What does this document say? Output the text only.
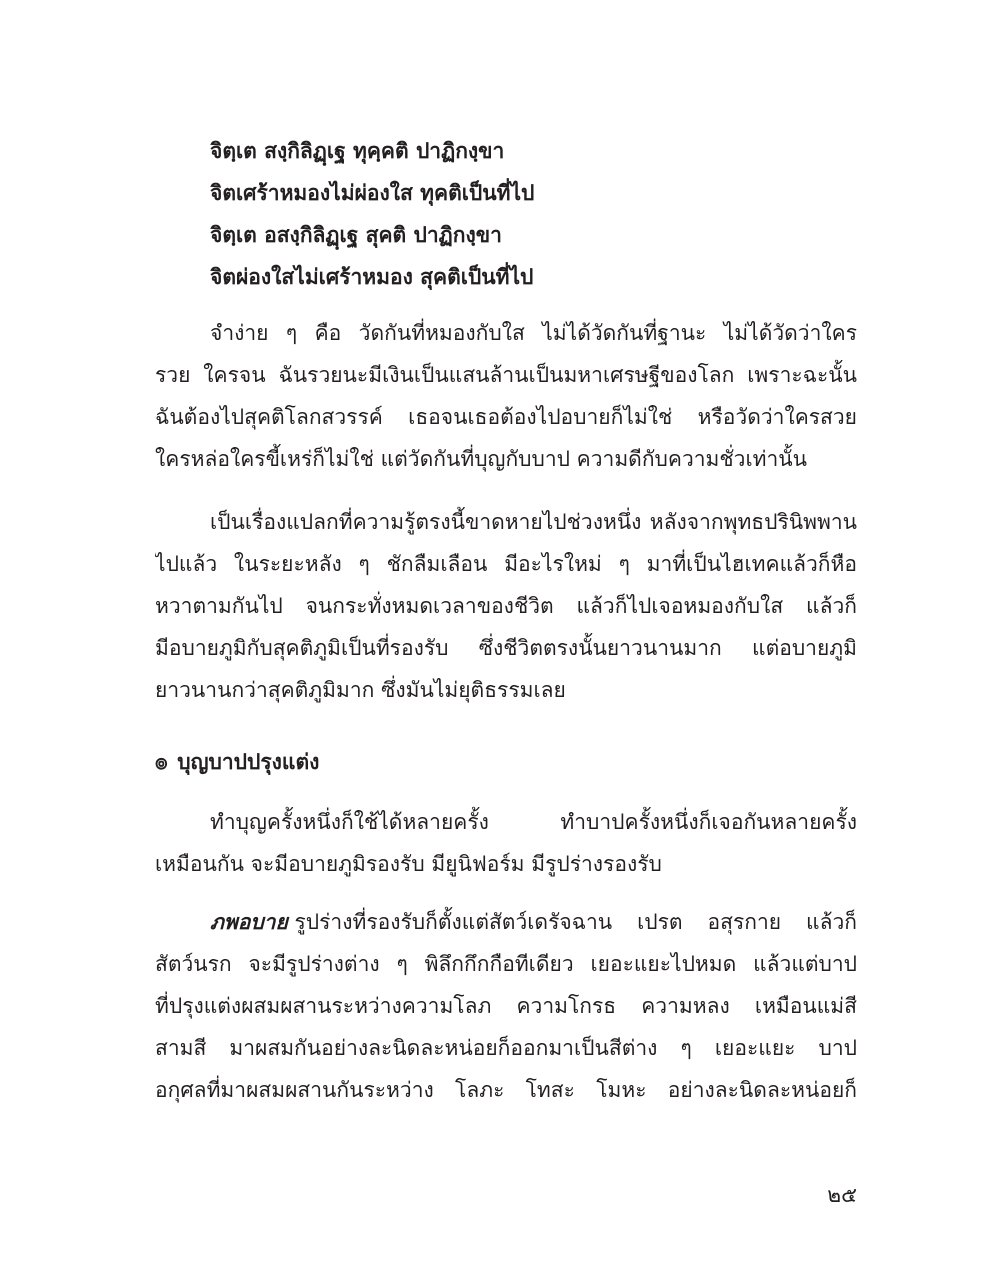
จิตฺเต สงฺกิลิฏฺเฐ ทุคฺคติ ปาฏิกงฺขา
จิตเศร้าหมองไม่ผ่องใส ทุคติเป็นที่ไป
จิตฺเต อสงฺกิลิฏฺเฐ สุคติ ปาฏิกงฺขา
จิตผ่องใสไม่เศร้าหมอง สุคติเป็นที่ไป
จำง่าย ๆ คือ วัดกันที่หมองกับใส ไม่ได้วัดกันที่ฐานะ ไม่ได้วัดว่าใคร
รวย ใครจน ฉันรวยนะมีเงินเป็นแสนล้านเป็นมหาเศรษฐีของโลก เพราะฉะนั้น
ฉันต้องไปสุคติโลกสวรรค์ เธอจนเธอต้องไปอบายก็ไม่ใช่ หรือวัดว่าใครสวย
ใครหล่อใครขี้เหร่ก็ไม่ใช่ แต่วัดกันที่บุญกับบาป ความดีกับความชั่วเท่านั้น
เป็นเรื่องแปลกที่ความรู้ตรงนี้ขาดหายไปช่วงหนึ่ง หลังจากพุทธปรินิพพาน
ไปแล้ว ในระยะหลัง ๆ ชักลืมเลือน มีอะไรใหม่ ๆ มาที่เป็นไฮเทคแล้วก็หือ
หวาตามกันไป จนกระทั่งหมดเวลาของชีวิต แล้วก็ไปเจอหมองกับใส แล้วก็
มีอบายภูมิกับสุคติภูมิเป็นที่รองรับ ซึ่งชีวิตตรงนั้นยาวนานมาก แต่อบายภูมิ
ยาวนานกว่าสุคติภูมิมาก ซึ่งมันไม่ยุติธรรมเลย
๏ บุญบาปปรุงแต่ง
ทำบุญครั้งหนึ่งก็ใช้ได้หลายครั้ง ทำบาปครั้งหนึ่งก็เจอกันหลายครั้ง
เหมือนกัน จะมีอบายภูมิรองรับ มียูนิฟอร์ม มีรูปร่างรองรับ
ภพอบาย รูปร่างที่รองรับก็ตั้งแต่สัตว์เดรัจฉาน เปรต อสุรกาย แล้วก็
สัตว์นรก จะมีรูปร่างต่าง ๆ พิลึกกึกกือทีเดียว เยอะแยะไปหมด แล้วแต่บาป
ที่ปรุงแต่งผสมผสานระหว่างความโลภ ความโกรธ ความหลง เหมือนแม่สี
สามสี มาผสมกันอย่างละนิดละหน่อยก็ออกมาเป็นสีต่าง ๆ เยอะแยะ บาป
อกุศลที่มาผสมผสานกันระหว่าง โลภะ โทสะ โมหะ อย่างละนิดละหน่อยก็
๒๕
